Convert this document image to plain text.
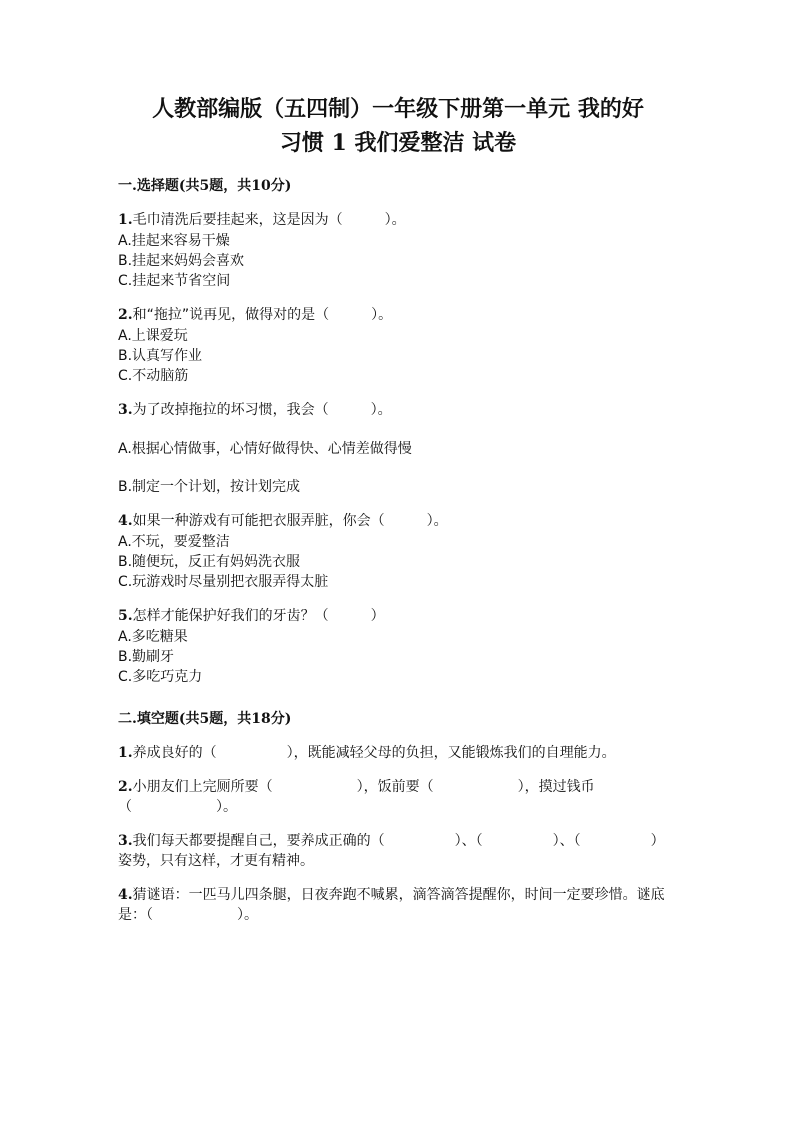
人教部编版（五四制）一年级下册第一单元 我的好
习惯 1 我们爱整洁 试卷
一.选择题(共5题，共10分)

1.毛巾清洗后要挂起来，这是因为（　　　）。

A.挂起来容易干燥

B.挂起来妈妈会喜欢

C.挂起来节省空间

2.和“拖拉”说再见，做得对的是（　　　）。

A.上课爱玩

B.认真写作业

C.不动脑筋

3.为了改掉拖拉的坏习惯，我会（　　　）。

A.根据心情做事，心情好做得快、心情差做得慢

B.制定一个计划，按计划完成

4.如果一种游戏有可能把衣服弄脏，你会（　　　）。

A.不玩，要爱整洁

B.随便玩，反正有妈妈洗衣服

C.玩游戏时尽量别把衣服弄得太脏

5.怎样才能保护好我们的牙齿？（　　　）

A.多吃糖果

B.勤刷牙

C.多吃巧克力

二.填空题(共5题，共18分)

1.养成良好的（　　　　　），既能减轻父母的负担，又能锻炼我们的自理能力。

2.小朋友们上完厕所要（　　　　　　），饭前要（　　　　　　），摸过钱币（　　　　　　）。

3.我们每天都要提醒自己，要养成正确的（　　　　　）、（　　　　　）、（　　　　　）姿势，只有这样，才更有精神。

4.猜谜语：一匹马儿四条腿，日夜奔跑不喊累，滴答滴答提醒你，时间一定要珍惜。谜底是：（　　　　　　）。
